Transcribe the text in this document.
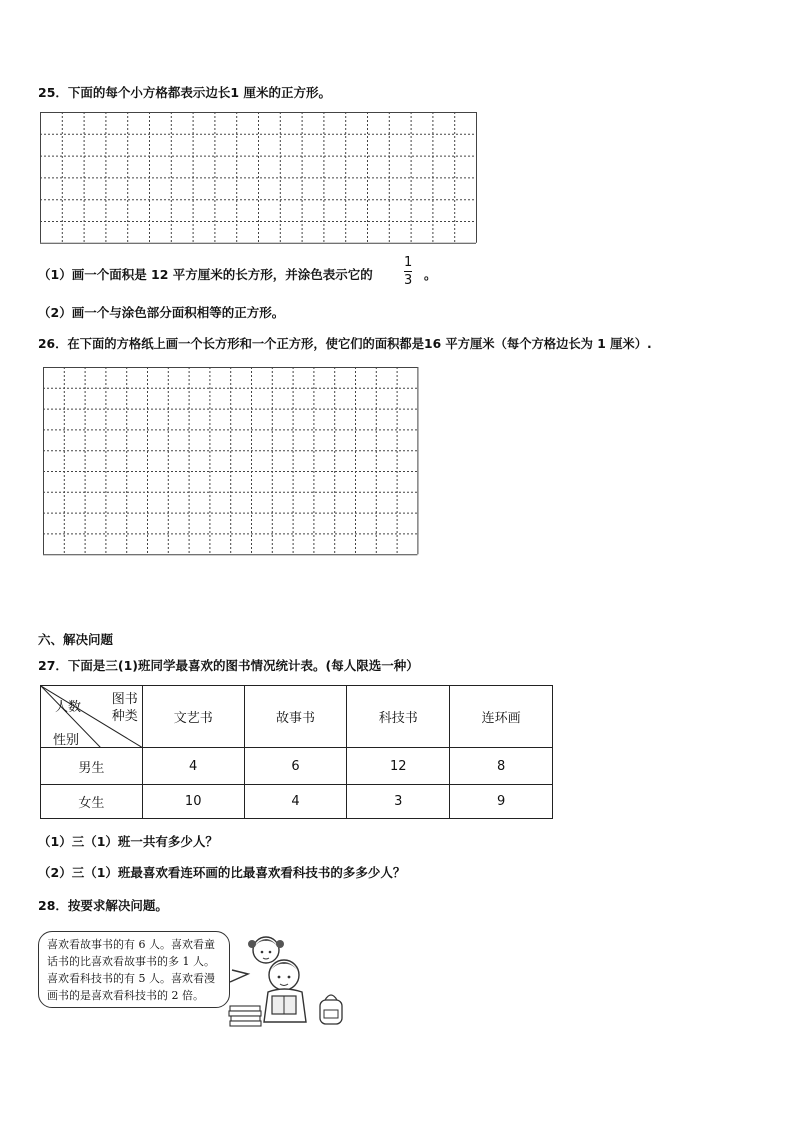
25．下面的每个小方格都表示边长1 厘米的正方形。
（1）画一个面积是 12 平方厘米的长方形，并涂色表示它的
1
3 。
（2）画一个与涂色部分面积相等的正方形。
26．在下面的方格纸上画一个长方形和一个正方形，使它们的面积都是16 平方厘米（每个方格边长为 1 厘米）.
六、解决问题
27．下面是三(1)班同学最喜欢的图书情况统计表。(每人限选一种）
图书
种类
人数
性别	文艺书	故事书	科技书	连环画
男生	4	6	12	8
女生	10	4	3	9
（1）三（1）班一共有多少人？
（2）三（1）班最喜欢看连环画的比最喜欢看科技书的多多少人？
28．按要求解决问题。
喜欢看故事书的有 6 人。喜欢看童
话书的比喜欢看故事书的多 1 人。
喜欢看科技书的有 5 人。喜欢看漫
画书的是喜欢看科技书的 2 倍。
